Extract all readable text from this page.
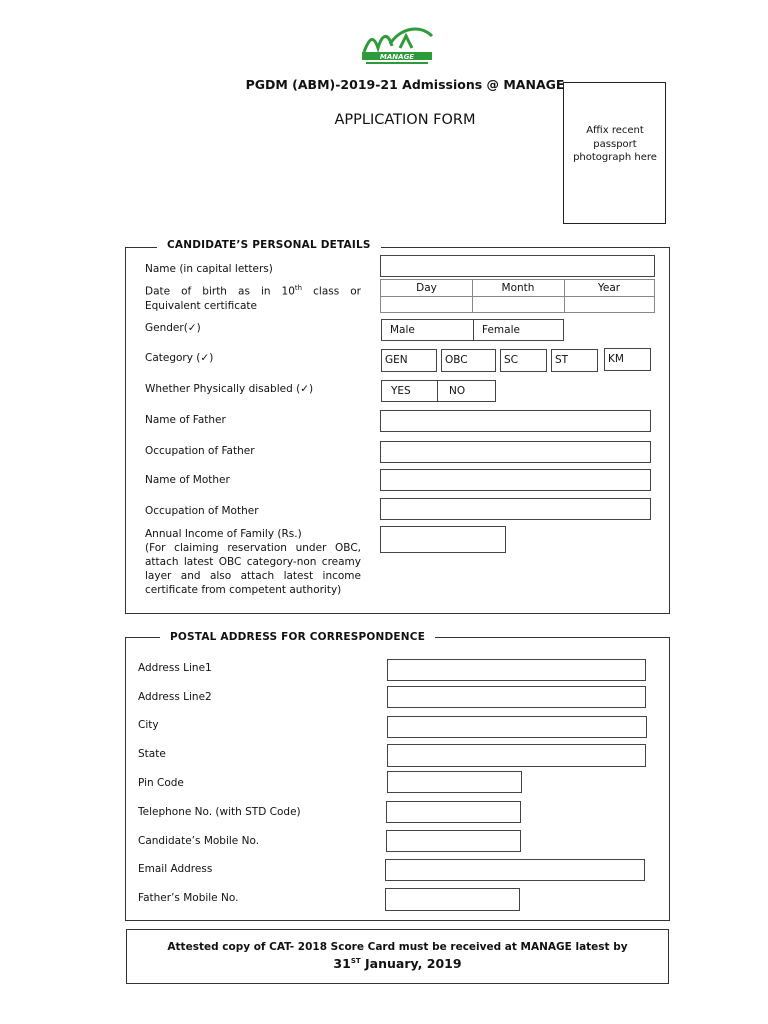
MANAGE
PGDM (ABM)-2019-21 Admissions @ MANAGE
APPLICATION FORM
Affix recent passport photograph here
CANDIDATE’S PERSONAL DETAILS
Name (in capital letters)
Date of birth as in 10th class or Equivalent certificate
Day	Month	Year
Gender(✓)	Male	Female
Category (✓)	GEN	OBC	SC	ST	KM
Whether Physically disabled (✓)	YES	NO
Name of Father
Occupation of Father
Name of Mother
Occupation of Mother
Annual Income of Family (Rs.)
(For claiming reservation under OBC, attach latest OBC category-non creamy layer and also attach latest income certificate from competent authority)
POSTAL ADDRESS FOR CORRESPONDENCE
Address Line1
Address Line2
City
State
Pin Code
Telephone No. (with STD Code)
Candidate’s Mobile No.
Email Address
Father’s Mobile No.
Attested copy of CAT- 2018 Score Card must be received at MANAGE latest by
31ST January, 2019
